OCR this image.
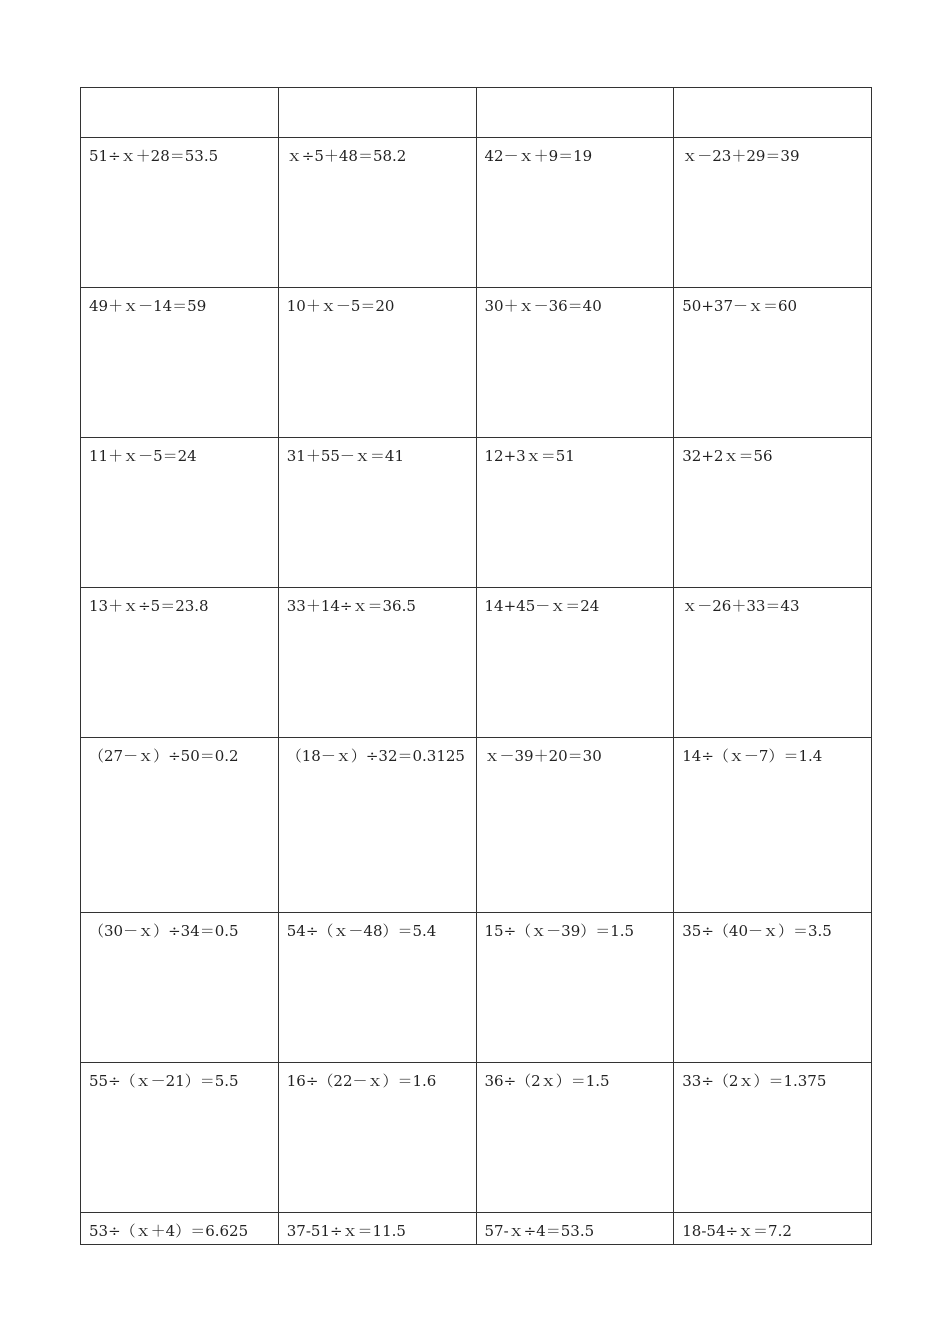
51÷ｘ＋28＝53.5	ｘ÷5＋48＝58.2	42－ｘ＋9＝19	ｘ－23＋29＝39
49＋ｘ－14＝59	10＋ｘ－5＝20	30＋ｘ－36＝40	50+37－ｘ＝60
11＋ｘ－5＝24	31＋55－ｘ＝41	12+3ｘ＝51	32+2ｘ＝56
13＋ｘ÷5＝23.8	33＋14÷ｘ＝36.5	14+45－ｘ＝24	ｘ－26＋33＝43
（27－ｘ）÷50＝0.2	（18－ｘ）÷32＝0.3125	ｘ－39＋20＝30	14÷（ｘ－7）＝1.4
（30－ｘ）÷34＝0.5	54÷（ｘ－48）＝5.4	15÷（ｘ－39）＝1.5	35÷（40－ｘ）＝3.5
55÷（ｘ－21）＝5.5	16÷（22－ｘ）＝1.6	36÷（2ｘ）＝1.5	33÷（2ｘ）＝1.375
53÷（ｘ＋4）＝6.625	37-51÷ｘ＝11.5	57-ｘ÷4＝53.5	18-54÷ｘ＝7.2
